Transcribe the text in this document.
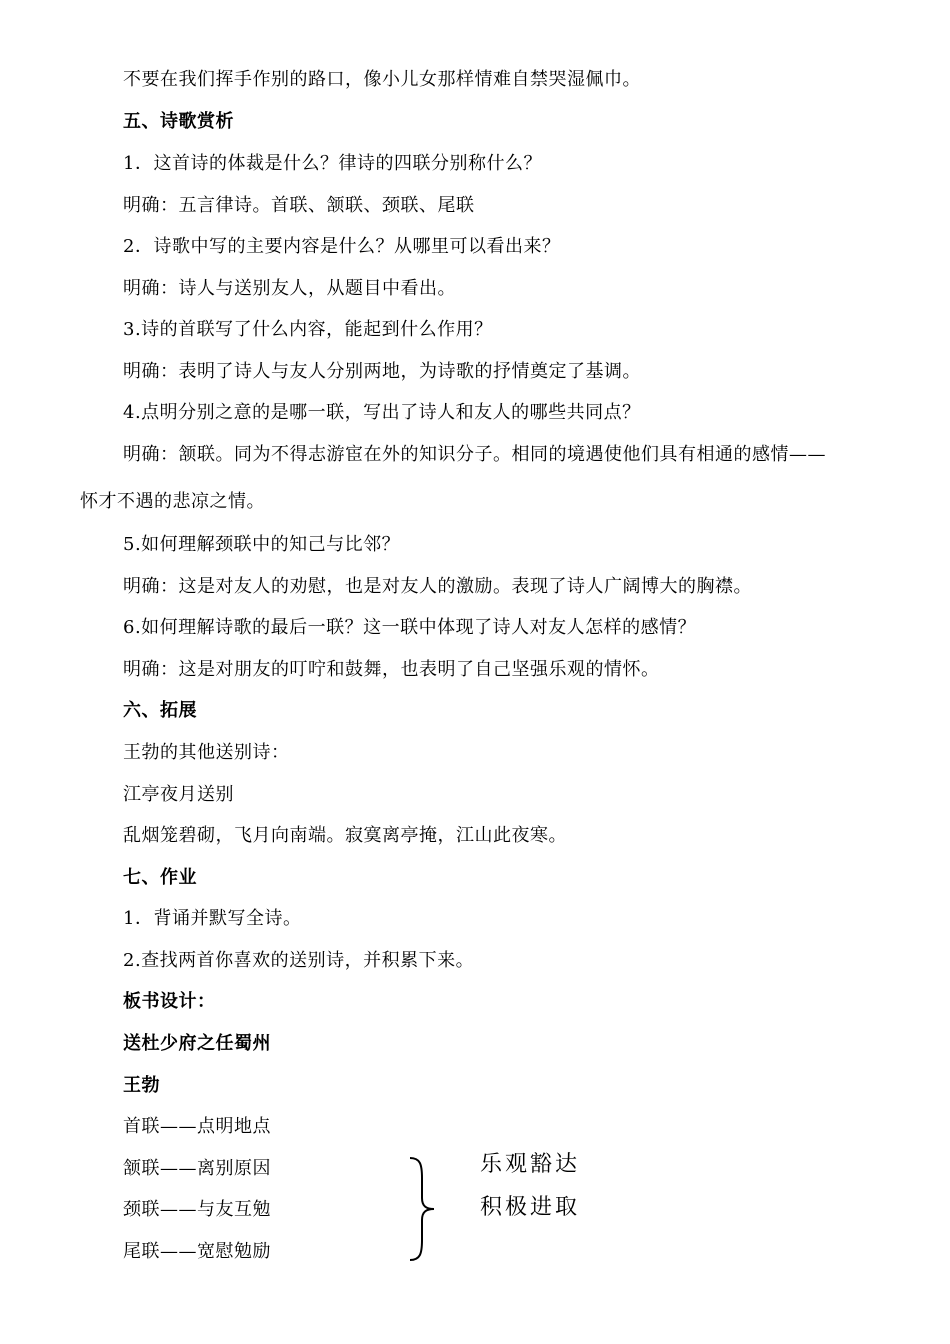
不要在我们挥手作别的路口，像小儿女那样情难自禁哭湿佩巾。
五、诗歌赏析
1．这首诗的体裁是什么？律诗的四联分别称什么？
明确：五言律诗。首联、颔联、颈联、尾联
2．诗歌中写的主要内容是什么？从哪里可以看出来？
明确：诗人与送别友人，从题目中看出。
3.诗的首联写了什么内容，能起到什么作用？
明确：表明了诗人与友人分别两地，为诗歌的抒情奠定了基调。
4.点明分别之意的是哪一联，写出了诗人和友人的哪些共同点？
明确：颔联。同为不得志游宦在外的知识分子。相同的境遇使他们具有相通的感情——
怀才不遇的悲凉之情。
5.如何理解颈联中的知己与比邻？
明确：这是对友人的劝慰，也是对友人的激励。表现了诗人广阔博大的胸襟。
6.如何理解诗歌的最后一联？这一联中体现了诗人对友人怎样的感情？
明确：这是对朋友的叮咛和鼓舞，也表明了自己坚强乐观的情怀。
六、拓展
王勃的其他送别诗：
江亭夜月送别
乱烟笼碧砌，飞月向南端。寂寞离亭掩，江山此夜寒。
七、作业
1．背诵并默写全诗。
2.查找两首你喜欢的送别诗，并积累下来。
板书设计：
送杜少府之任蜀州
王勃
首联——点明地点
颔联——离别原因
颈联——与友互勉
尾联——宽慰勉励
乐观豁达
积极进取
